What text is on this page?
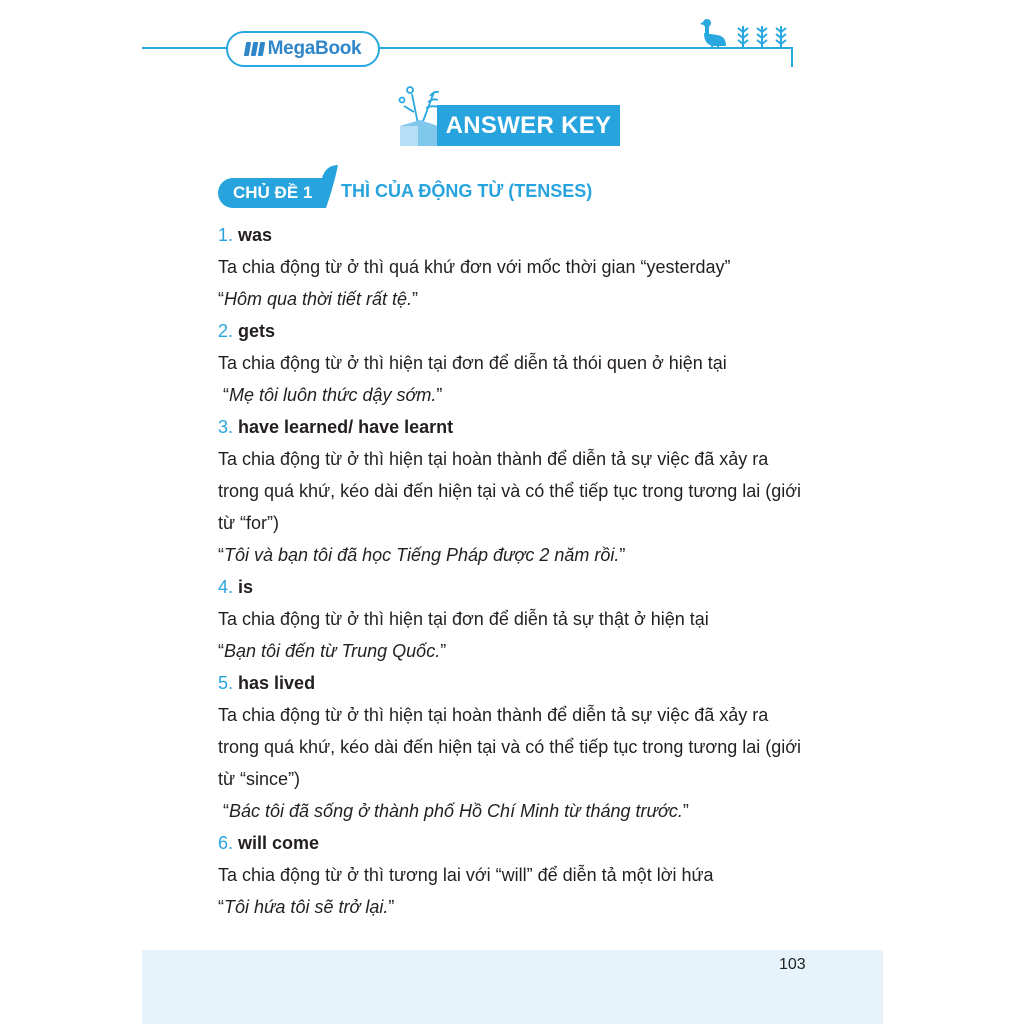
MegaBook
ANSWER KEY
CHỦ ĐỀ 1	THÌ CỦA ĐỘNG TỪ (TENSES)
1. was
Ta chia động từ ở thì quá khứ đơn với mốc thời gian “yesterday”
“Hôm qua thời tiết rất tệ.”
2. gets
Ta chia động từ ở thì hiện tại đơn để diễn tả thói quen ở hiện tại
“Mẹ tôi luôn thức dậy sớm.”
3. have learned/ have learnt
Ta chia động từ ở thì hiện tại hoàn thành để diễn tả sự việc đã xảy ra
trong quá khứ, kéo dài đến hiện tại và có thể tiếp tục trong tương lai (giới
từ “for”)
“Tôi và bạn tôi đã học Tiếng Pháp được 2 năm rồi.”
4. is
Ta chia động từ ở thì hiện tại đơn để diễn tả sự thật ở hiện tại
“Bạn tôi đến từ Trung Quốc.”
5. has lived
Ta chia động từ ở thì hiện tại hoàn thành để diễn tả sự việc đã xảy ra
trong quá khứ, kéo dài đến hiện tại và có thể tiếp tục trong tương lai (giới
từ “since”)
“Bác tôi đã sống ở thành phố Hồ Chí Minh từ tháng trước.”
6. will come
Ta chia động từ ở thì tương lai với “will” để diễn tả một lời hứa
“Tôi hứa tôi sẽ trở lại.”
103
